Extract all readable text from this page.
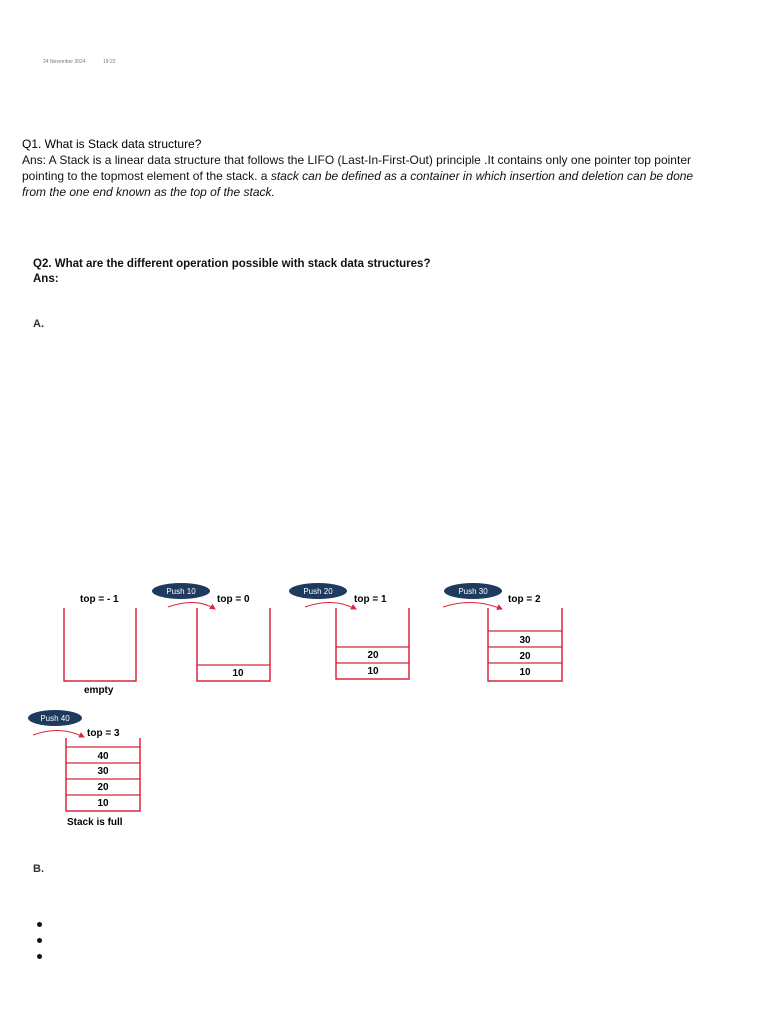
24 November 2024	19:22
Q1. What is Stack data structure?
Ans: A Stack is a linear data structure that follows the LIFO (Last-In-First-Out) principle .It contains only one pointer top pointer pointing to the topmost element of the stack. a stack can be defined as a container in which insertion and deletion can be done from the one end known as the top of the stack.
Q2. What are the different operation possible with stack data structures?
Ans:
A.
top = - 1
empty
Push 10
top = 0
10
Push 20
top = 1
20
10
Push 30
top = 2
30
20
10
Push 40
top = 3
40
30
20
10
Stack is full
B.
